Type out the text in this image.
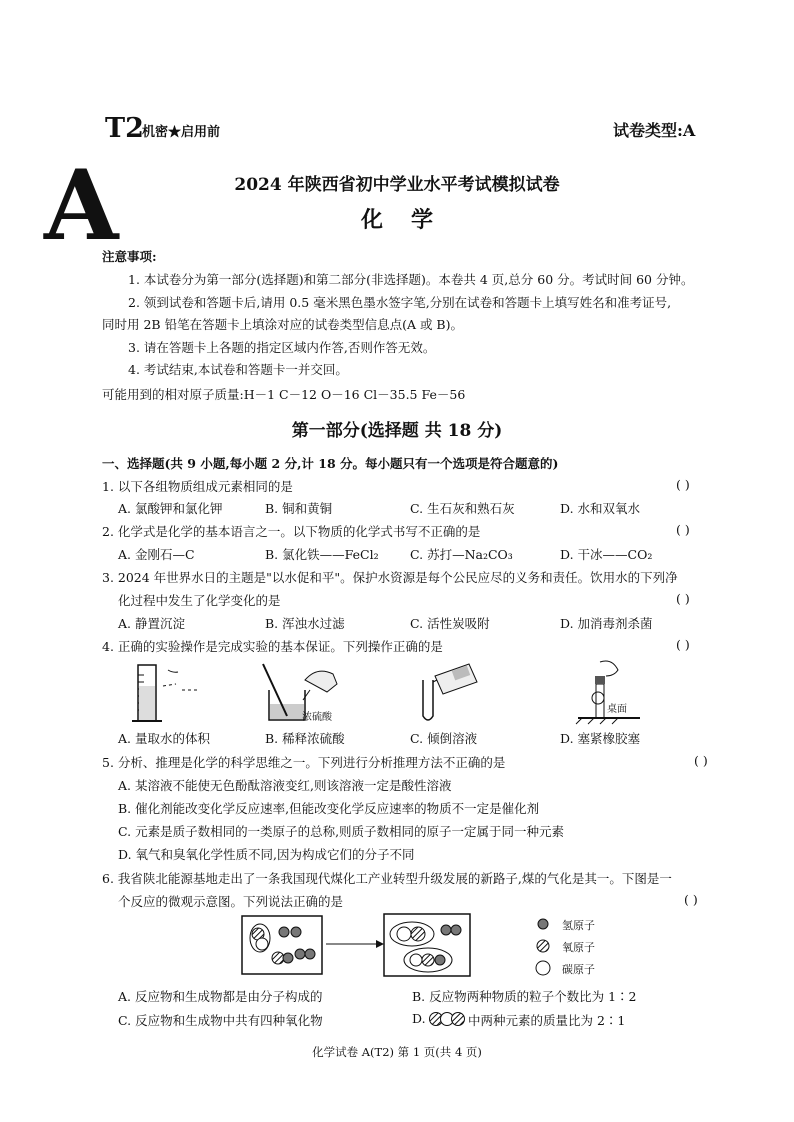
T2
机密★启用前	试卷类型:A
A	2024 年陕西省初中学业水平考试模拟试卷
化学
注意事项:
1. 本试卷分为第一部分(选择题)和第二部分(非选择题)。本卷共 4 页,总分 60 分。考试时间 60 分钟。
2. 领到试卷和答题卡后,请用 0.5 毫米黑色墨水签字笔,分别在试卷和答题卡上填写姓名和准考证号,
同时用 2B 铅笔在答题卡上填涂对应的试卷类型信息点(A 或 B)。
3. 请在答题卡上各题的指定区域内作答,否则作答无效。
4. 考试结束,本试卷和答题卡一并交回。
可能用到的相对原子质量:H－1 C－12 O－16 Cl－35.5 Fe－56
第一部分(选择题 共 18 分)
一、选择题(共 9 小题,每小题 2 分,计 18 分。每小题只有一个选项是符合题意的)
1. 以下各组物质组成元素相同的是	( )
A. 氯酸钾和氯化钾	B. 铜和黄铜	C. 生石灰和熟石灰	D. 水和双氧水
2. 化学式是化学的基本语言之一。以下物质的化学式书写不正确的是	( )
A. 金刚石—C	B. 氯化铁——FeCl₂	C. 苏打—Na₂CO₃	D. 干冰——CO₂
3. 2024 年世界水日的主题是"以水促和平"。保护水资源是每个公民应尽的义务和责任。饮用水的下列净
化过程中发生了化学变化的是	( )
A. 静置沉淀	B. 浑浊水过滤	C. 活性炭吸附	D. 加消毒剂杀菌
4. 正确的实验操作是完成实验的基本保证。下列操作正确的是	( )
浓硫酸
桌面
A. 量取水的体积	B. 稀释浓硫酸	C. 倾倒溶液	D. 塞紧橡胶塞
5. 分析、推理是化学的科学思维之一。下列进行分析推理方法不正确的是	( )
A. 某溶液不能使无色酚酞溶液变红,则该溶液一定是酸性溶液
B. 催化剂能改变化学反应速率,但能改变化学反应速率的物质不一定是催化剂
C. 元素是质子数相同的一类原子的总称,则质子数相同的原子一定属于同一种元素
D. 氧气和臭氧化学性质不同,因为构成它们的分子不同
6. 我省陕北能源基地走出了一条我国现代煤化工产业转型升级发展的新路子,煤的气化是其一。下图是一
个反应的微观示意图。下列说法正确的是	( )
氢原子
氧原子
碳原子
A. 反应物和生成物都是由分子构成的	B. 反应物两种物质的粒子个数比为 1∶2
C. 反应物和生成物中共有四种氧化物	D.	中两种元素的质量比为 2∶1
化学试卷 A(T2) 第 1 页(共 4 页)
